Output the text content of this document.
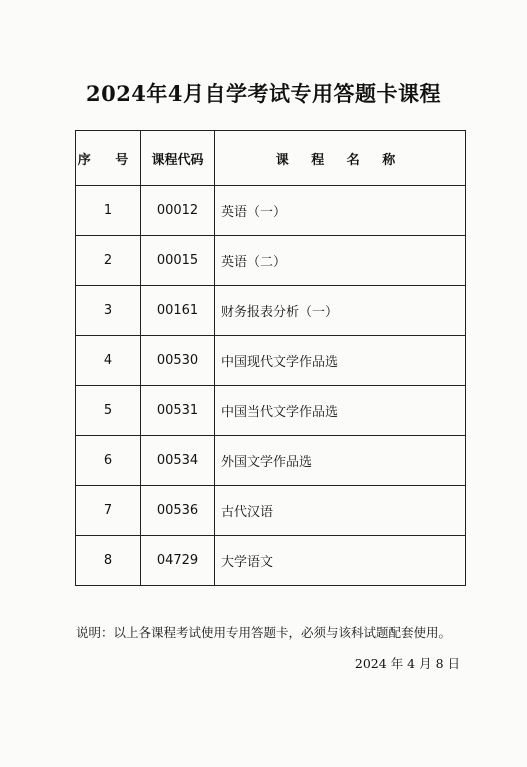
2024年4月自学考试专用答题卡课程
序 号	课程代码	课 程 名 称
1	00012	英语（一）
2	00015	英语（二）
3	00161	财务报表分析（一）
4	00530	中国现代文学作品选
5	00531	中国当代文学作品选
6	00534	外国文学作品选
7	00536	古代汉语
8	04729	大学语文
说明：以上各课程考试使用专用答题卡，必须与该科试题配套使用。
2024 年 4 月 8 日
